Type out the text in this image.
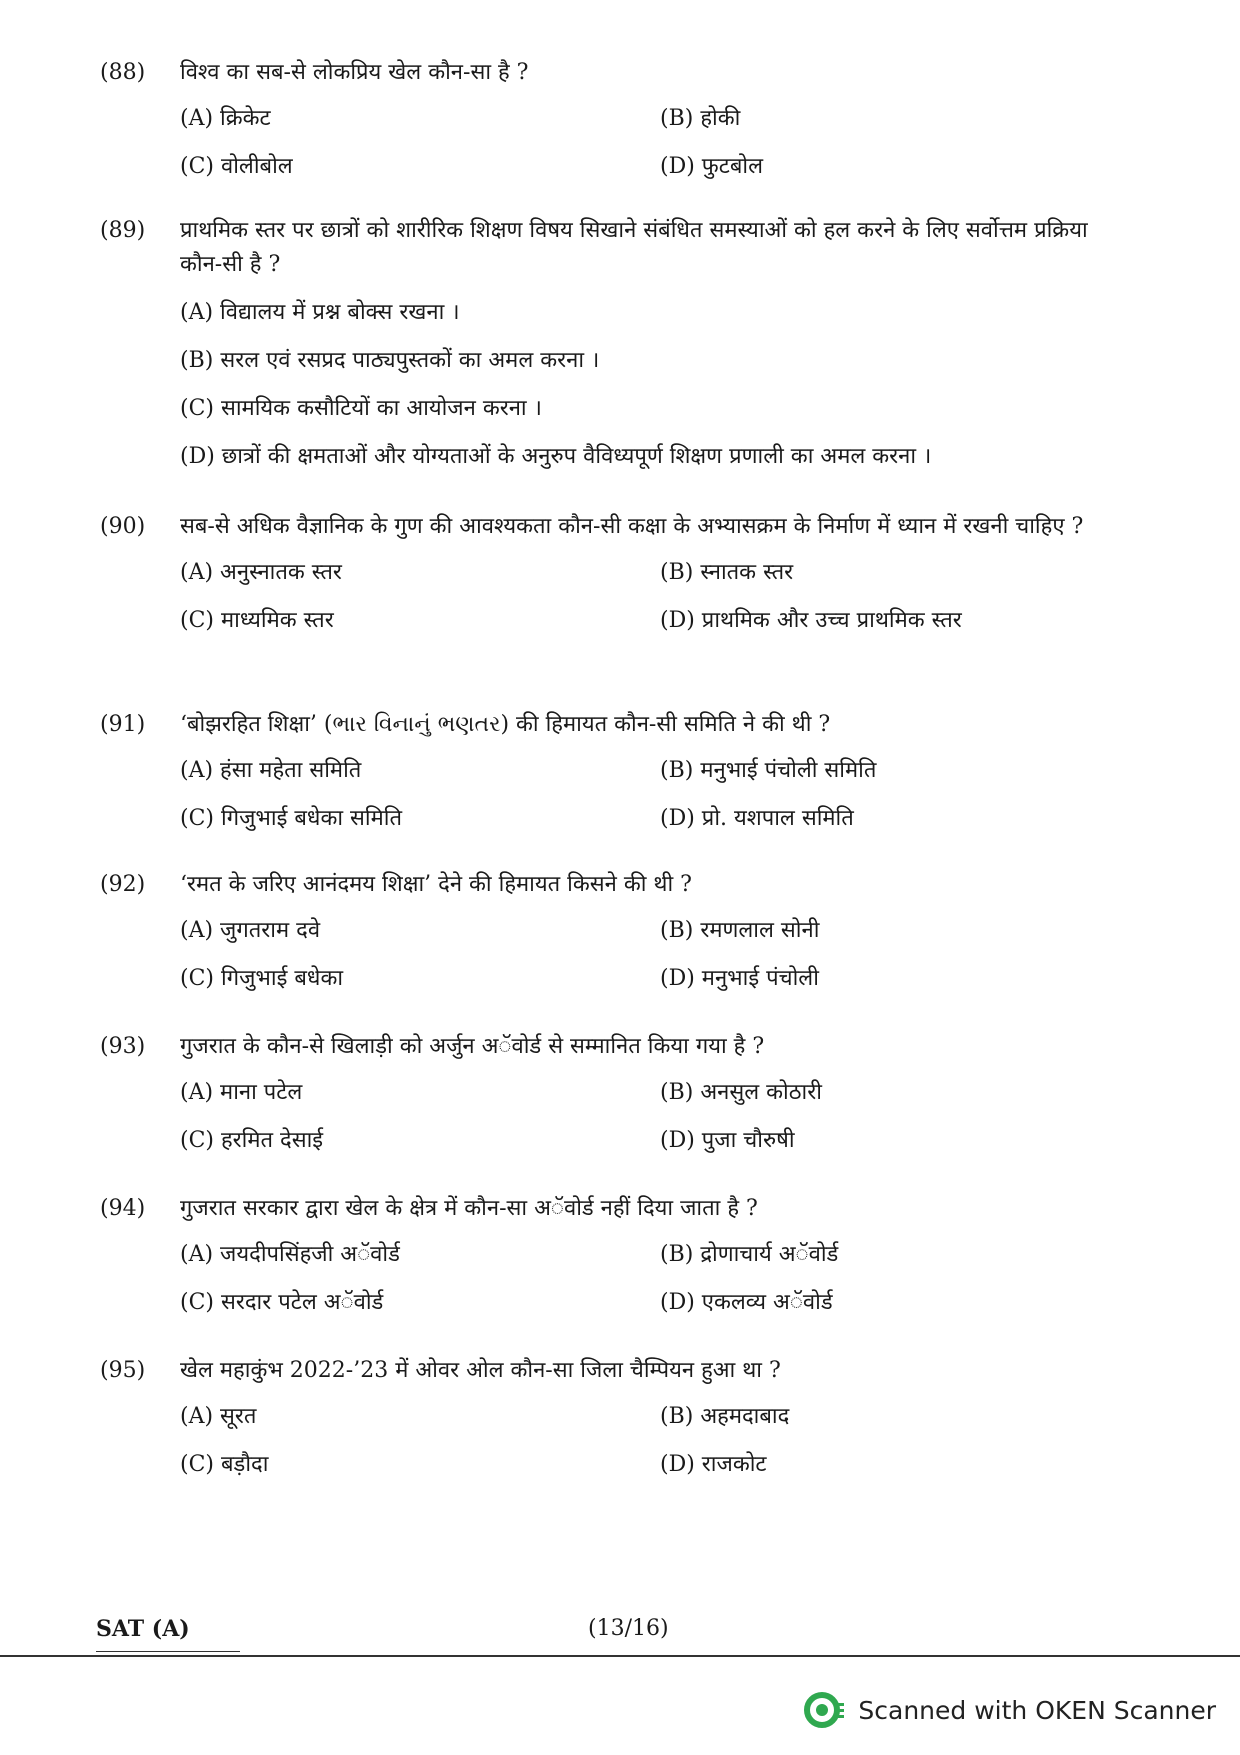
(88)	विश्व का सब-से लोकप्रिय खेल कौन-सा है ?
(A) क्रिकेट	(B) होकी
(C) वोलीबोल	(D) फुटबोल
(89)	प्राथमिक स्तर पर छात्रों को शारीरिक शिक्षण विषय सिखाने संबंधित समस्याओं को हल करने के लिए सर्वोत्तम प्रक्रिया कौन-सी है ?
(A) विद्यालय में प्रश्न बोक्स रखना ।
(B) सरल एवं रसप्रद पाठ्यपुस्तकों का अमल करना ।
(C) सामयिक कसौटियों का आयोजन करना ।
(D) छात्रों की क्षमताओं और योग्यताओं के अनुरुप वैविध्यपूर्ण शिक्षण प्रणाली का अमल करना ।
(90)	सब-से अधिक वैज्ञानिक के गुण की आवश्यकता कौन-सी कक्षा के अभ्यासक्रम के निर्माण में ध्यान में रखनी चाहिए ?
(A) अनुस्नातक स्तर	(B) स्नातक स्तर
(C) माध्यमिक स्तर	(D) प्राथमिक और उच्च प्राथमिक स्तर
(91)	‘बोझरहित शिक्षा’ (ભાર વિનાનું ભણતર) की हिमायत कौन-सी समिति ने की थी ?
(A) हंसा महेता समिति	(B) मनुभाई पंचोली समिति
(C) गिजुभाई बधेका समिति	(D) प्रो. यशपाल समिति
(92)	‘रमत के जरिए आनंदमय शिक्षा’ देने की हिमायत किसने की थी ?
(A) जुगतराम दवे	(B) रमणलाल सोनी
(C) गिजुभाई बधेका	(D) मनुभाई पंचोली
(93)	गुजरात के कौन-से खिलाड़ी को अर्जुन अॅवोर्ड से सम्मानित किया गया है ?
(A) माना पटेल	(B) अनसुल कोठारी
(C) हरमित देसाई	(D) पुजा चौरुषी
(94)	गुजरात सरकार द्वारा खेल के क्षेत्र में कौन-सा अॅवोर्ड नहीं दिया जाता है ?
(A) जयदीपसिंहजी अॅवोर्ड	(B) द्रोणाचार्य अॅवोर्ड
(C) सरदार पटेल अॅवोर्ड	(D) एकलव्य अॅवोर्ड
(95)	खेल महाकुंभ 2022-’23 में ओवर ओल कौन-सा जिला चैम्पियन हुआ था ?
(A) सूरत	(B) अहमदाबाद
(C) बड़ौदा	(D) राजकोट
SAT (A)	(13/16)
Scanned with OKEN Scanner
